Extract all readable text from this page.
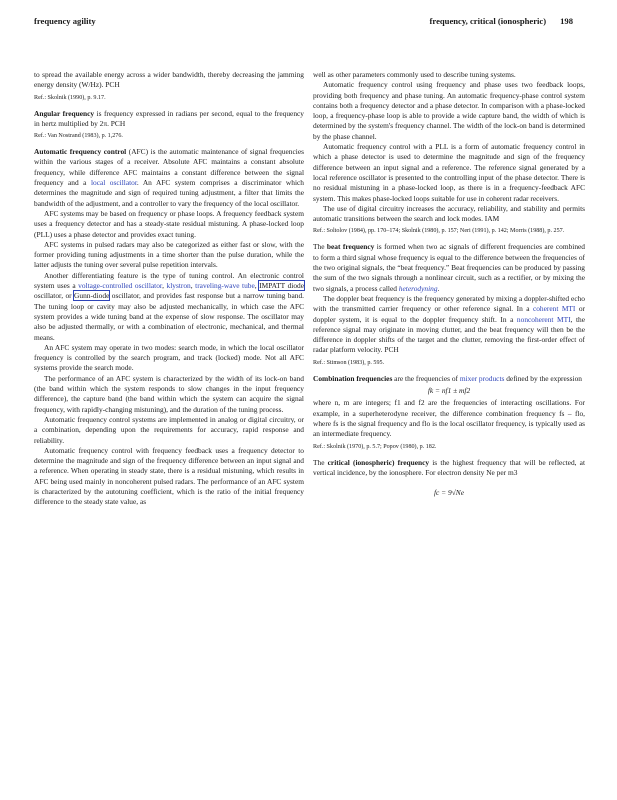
frequency agility	frequency, critical (ionospheric) 198

to spread the available energy across a wider bandwidth, thereby decreasing the jamming energy density (W/Hz). PCH

Ref.: Skolnik (1990), p. 9.17.

Angular frequency is frequency expressed in radians per second, equal to the frequency in hertz multiplied by 2π. PCH

Ref.: Van Nostrand (1983), p. 1,276.

Automatic frequency control (AFC) is the automatic maintenance of signal frequencies within the various stages of a receiver. Absolute AFC maintains a constant absolute frequency, while difference AFC maintains a constant difference between the signal frequency and a local oscillator. An AFC system comprises a discriminator which determines the magnitude and sign of required tuning adjustment, a filter that limits the bandwidth of the adjustment, and a controller to vary the frequency of the local oscillator.

AFC systems may be based on frequency or phase loops. A frequency feedback system uses a frequency detector and has a steady-state residual mistuning. A phase-locked loop (PLL) uses a phase detector and provides exact tuning.

AFC systems in pulsed radars may also be categorized as either fast or slow, with the former providing tuning adjustments in a time shorter than the pulse duration, while the latter adjusts the tuning over several pulse repetition intervals.

Another differentiating feature is the type of tuning control. An electronic control system uses a voltage-controlled oscillator, klystron, traveling-wave tube, IMPATT diode oscillator, or Gunn-diode oscillator, and provides fast response but a narrow tuning band. The tuning loop or cavity may also be adjusted mechanically, in which case the AFC system provides a wide tuning band at the expense of slow response. The oscillator may also be adjusted thermally, or with a combination of electronic, mechanical, and thermal means.

An AFC system may operate in two modes: search mode, in which the local oscillator frequency is controlled by the search program, and track (locked) mode. Not all AFC systems provide the search mode.

The performance of an AFC system is characterized by the width of its lock-on band (the band within which the system responds to slow changes in the input frequency difference), the capture band (the band within which the system can acquire the signal frequency, with rapidly-changing mistuning), and the duration of the tuning process.

Automatic frequency control systems are implemented in analog or digital circuitry, or a combination, depending upon the requirements for accuracy, rapid response and reliability.

Automatic frequency control with frequency feedback uses a frequency detector to determine the magnitude and sign of the frequency difference between an input signal and a reference. When operating in steady state, there is a residual mistuning, which results in AFC being used mainly in noncoherent pulsed radars. The performance of an AFC system is characterized by the autotuning coefficient, which is the ratio of the initial frequency difference to the steady state value, as

well as other parameters commonly used to describe tuning systems.

Automatic frequency control using frequency and phase uses two feedback loops, providing both frequency and phase tuning. An automatic frequency-phase control system contains both a frequency detector and a phase detector. In comparison with a phase-locked loop, a frequency-phase loop is able to provide a wide capture band, the width of which is determined by the system's frequency channel. The width of the lock-on band is determined by the phase channel.

Automatic frequency control with a PLL is a form of automatic frequency control in which a phase detector is used to determine the magnitude and sign of the frequency difference between an input signal and a reference. The reference signal generated by a local reference oscillator is presented to the controlling input of the phase detector. There is no residual mistuning in a phase-locked loop, as there is in a frequency-feedback AFC system. This makes phase-locked loops suitable for use in coherent radar receivers.

The use of digital circuitry increases the accuracy, reliability, and stability and permits automatic transitions between the search and lock modes. IAM

Ref.: Soltolov (1984), pp. 170–174; Skolnik (1980), p. 157; Neri (1991), p. 142; Morris (1988), p. 257.

The beat frequency is formed when two ac signals of different frequencies are combined to form a third signal whose frequency is equal to the difference between the frequencies of the two original signals, the “beat frequency.” Beat frequencies can be produced by passing the sum of the two signals through a nonlinear circuit, such as a rectifier, or by mixing the two signals, a process called heterodyning.

The doppler beat frequency is the frequency generated by mixing a doppler-shifted echo with the transmitted carrier frequency or other reference signal. In a coherent MTI or doppler system, it is equal to the doppler frequency shift. In a noncoherent MTI, the reference signal may originate in moving clutter, and the beat frequency will then be the difference in doppler shifts of the target and the clutter, removing the first-order effect of radar platform velocity. PCH

Ref.: Stimson (1983), p. 595.

Combination frequencies are the frequencies of mixer products defined by the expression

fk = nf1 ± mf2

where n, m are integers; f1 and f2 are the frequencies of interacting oscillations. For example, in a superheterodyne receiver, the difference combination frequency fs – flo, where fs is the signal frequency and flo is the local oscillator frequency, is typically used as an intermediate frequency.

Ref.: Skolnik (1970), p. 5.7; Popov (1980), p. 182.

The critical (ionospheric) frequency is the highest frequency that will be reflected, at vertical incidence, by the ionosphere. For electron density Ne per m3

fc = 9√Ne
